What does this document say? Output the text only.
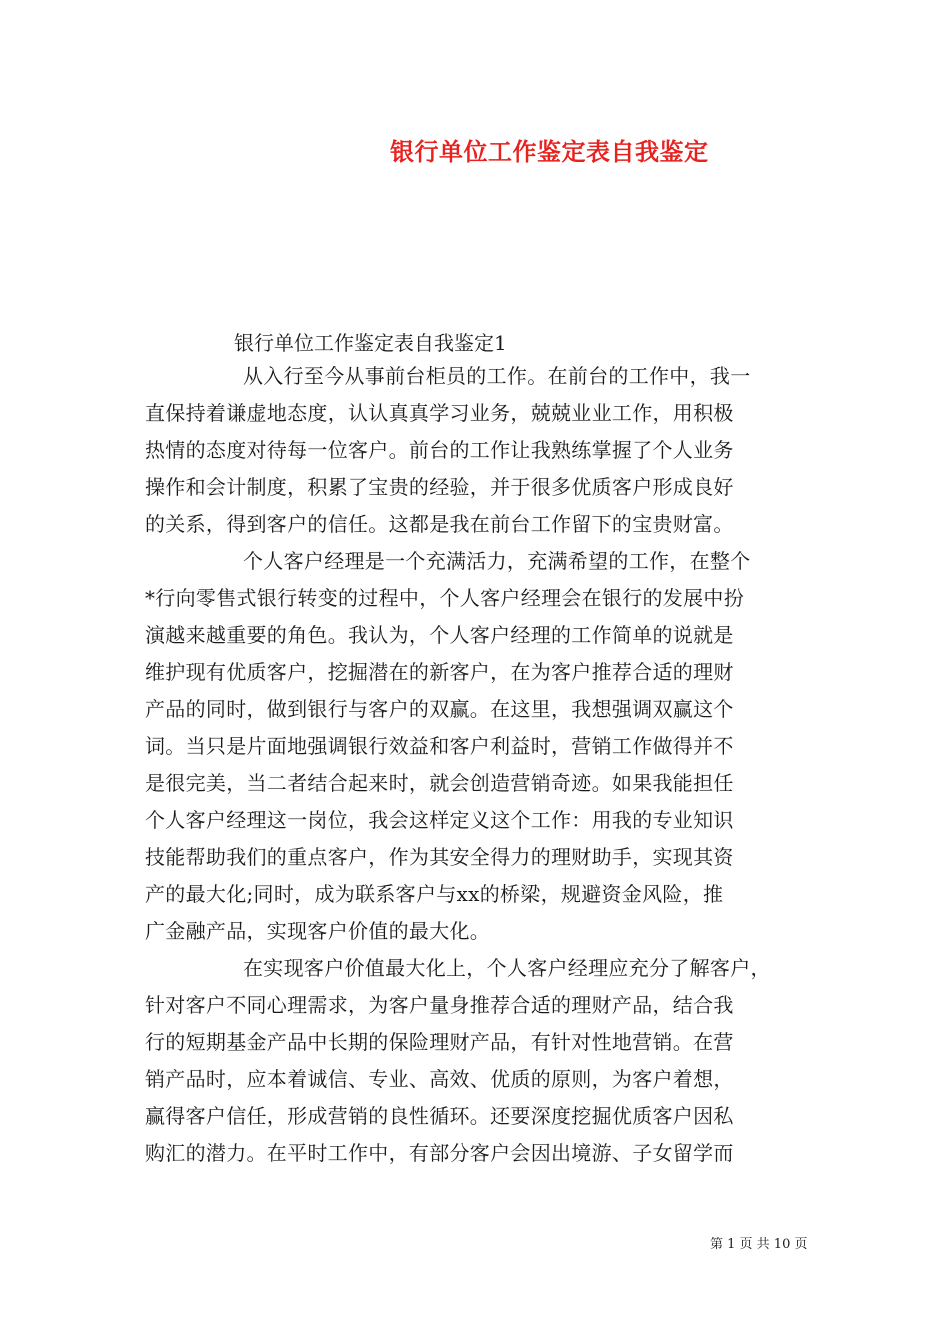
银行单位工作鉴定表自我鉴定
银行单位工作鉴定表自我鉴定1

从入行至今从事前台柜员的工作。在前台的工作中，我一

直保持着谦虚地态度，认认真真学习业务，兢兢业业工作，用积极

热情的态度对待每一位客户。前台的工作让我熟练掌握了个人业务

操作和会计制度，积累了宝贵的经验，并于很多优质客户形成良好

的关系，得到客户的信任。这都是我在前台工作留下的宝贵财富。

个人客户经理是一个充满活力，充满希望的工作，在整个

*行向零售式银行转变的过程中，个人客户经理会在银行的发展中扮

演越来越重要的角色。我认为，个人客户经理的工作简单的说就是

维护现有优质客户，挖掘潜在的新客户，在为客户推荐合适的理财

产品的同时，做到银行与客户的双赢。在这里，我想强调双赢这个

词。当只是片面地强调银行效益和客户利益时，营销工作做得并不

是很完美，当二者结合起来时，就会创造营销奇迹。如果我能担任

个人客户经理这一岗位，我会这样定义这个工作：用我的专业知识

技能帮助我们的重点客户，作为其安全得力的理财助手，实现其资

产的最大化;同时，成为联系客户与xx的桥梁，规避资金风险，推

广金融产品，实现客户价值的最大化。

在实现客户价值最大化上，个人客户经理应充分了解客户，

针对客户不同心理需求，为客户量身推荐合适的理财产品，结合我

行的短期基金产品中长期的保险理财产品，有针对性地营销。在营

销产品时，应本着诚信、专业、高效、优质的原则，为客户着想，

赢得客户信任，形成营销的良性循环。还要深度挖掘优质客户因私

购汇的潜力。在平时工作中，有部分客户会因出境游、子女留学而

第 1 页 共 10 页
